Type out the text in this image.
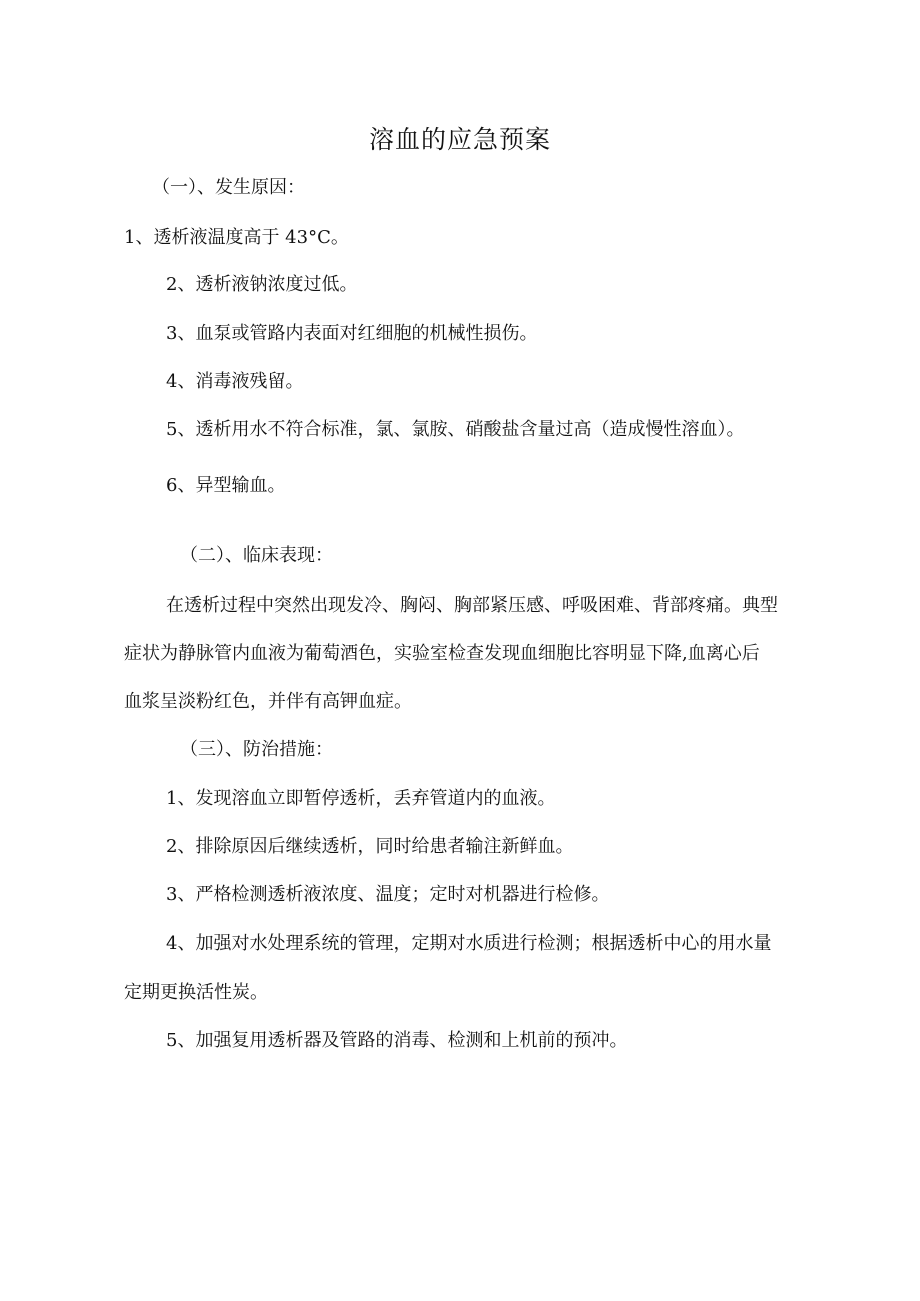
溶血的应急预案
（一）、发生原因：
1、透析液温度高于 43°C。
2、透析液钠浓度过低。
3、血泵或管路内表面对红细胞的机械性损伤。
4、消毒液残留。
5、透析用水不符合标准，氯、氯胺、硝酸盐含量过高（造成慢性溶血）。
6、异型输血。
（二）、临床表现：
在透析过程中突然出现发冷、胸闷、胸部紧压感、呼吸困难、背部疼痛。典型
症状为静脉管内血液为葡萄酒色，实验室检查发现血细胞比容明显下降,血离心后
血浆呈淡粉红色，并伴有高钾血症。
（三）、防治措施：
1、发现溶血立即暂停透析，丢弃管道内的血液。
2、排除原因后继续透析，同时给患者输注新鲜血。
3、严格检测透析液浓度、温度；定时对机器进行检修。
4、加强对水处理系统的管理，定期对水质进行检测；根据透析中心的用水量
定期更换活性炭。
5、加强复用透析器及管路的消毒、检测和上机前的预冲。
